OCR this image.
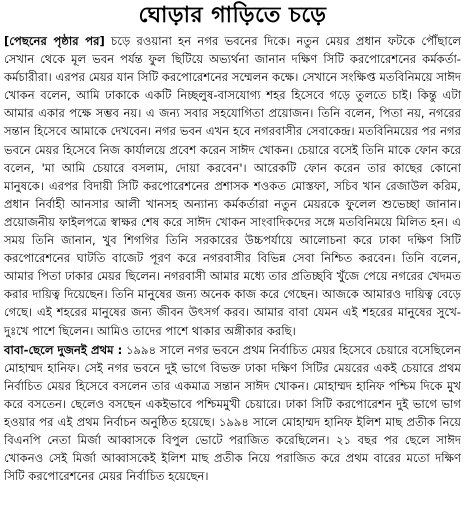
ঘোড়ার গাড়িতে চড়ে

[পেছনের পৃষ্ঠার পর] চড়ে রওয়ানা হন নগর ভবনের দিকে। নতুন মেয়র প্রধান ফটকে পৌঁছালে সেখান থেকে মূল ভবন পর্যন্ত ফুল ছিটিয়ে অভ্যর্থনা জানান দক্ষিণ সিটি করপোরেশনের কর্মকর্তা-কর্মচারীরা। এরপর মেয়র যান সিটি করপোরেশনের সম্মেলন কক্ষে। সেখানে সংক্ষিপ্ত মতবিনিময়ে সাঈদ খোকন বলেন, আমি ঢাকাকে একটি নিচ্ছলুষ-বাসযোগ্য শহর হিসেবে গড়ে তুলতে চাই। কিন্তু এটা আমার একার পক্ষে সম্ভব নয়। এ জন্য সবার সহযোগিতা প্রয়োজন। তিনি বলেন, পিতা নয়, নগরের সন্তান হিসেবে আমাকে দেখবেন। নগর ভবন এখন হবে নগরবাসীর সেবাকেন্দ্র। মতবিনিময়ের পর নগর ভবনে মেয়র হিসেবে নিজ কার্যালয়ে প্রবেশ করেন সাঈদ খোকন। চেয়ারে বসেই তিনি মাকে ফোন করে বলেন, 'মা আমি চেয়ারে বসলাম, দোয়া করবেন'। আরেকটি ফোন করেন তার কাছের কোনো মানুষকে। এরপর বিদায়ী সিটি করপোরেশনের প্রশাসক শওকত মোস্তফা, সচিব খান রেজাউল করিম, প্রধান নির্বাহী আনসার আলী খানসহ অন্যান্য কর্মকর্তারা নতুন মেয়রকে ফুলেল শুভেচ্ছা জানান। প্রয়োজনীয় ফাইলপত্রে স্বাক্ষর শেষ করে সাঈদ খোকন সাংবাদিকদের সঙ্গে মতবিনিময়ে মিলিত হন। এ সময় তিনি জানান, খুব শিগগির তিনি সরকারের উচ্চপর্যায়ে আলোচনা করে ঢাকা দক্ষিণ সিটি করপোরেশনের ঘাটতি বাজেট পূরণ করে নগরবাসীর বিভিন্ন সেবা নিশ্চিত করবেন। তিনি বলেন, আমার পিতা ঢাকার মেয়র ছিলেন। নগরবাসী আমার মধ্যে তার প্রতিচ্ছবি খুঁজে পেয়ে নগরের খেদমত করার দায়িত্ব দিয়েছেন। তিনি মানুষের জন্য অনেক কাজ করে গেছেন। আজকে আমারও দায়িত্ব বেড়ে গেছে। এই শহরের মানুষের জন্য জীবন উৎসর্গ করব। আমার বাবা যেমন এই শহরের মানুষের সুখে-দুঃখে পাশে ছিলেন। আমিও তাদের পাশে থাকার অঙ্গীকার করছি।

বাবা-ছেলে দুজনই প্রথম : ১৯৯৪ সালে নগর ভবনে প্রথম নির্বাচিত মেয়র হিসেবে চেয়ারে বসেছিলেন মোহাম্মদ হানিফ। সেই নগর ভবনে দুই ভাগে বিভক্ত ঢাকা দক্ষিণ সিটির মেয়রের একই চেয়ারে প্রথম নির্বাচিত মেয়র হিসেবে বসলেন তার একমাত্র সন্তান সাঈদ খোকন। মোহাম্মদ হানিফ পশ্চিম দিকে মুখ করে বসতেন। ছেলেও বসছেন একইভাবে পশ্চিমমুখী চেয়ারে। ঢাকা সিটি করপোরেশন দুই ভাগে ভাগ হওয়ার পর এই প্রথম নির্বাচন অনুষ্ঠিত হয়েছে। ১৯৯৪ সালে মোহাম্মদ হানিফ ইলিশ মাছ প্রতীক নিয়ে বিএনপি নেতা মির্জা আব্বাসকে বিপুল ভোটে পরাজিত করেছিলেন। ২১ বছর পর ছেলে সাঈদ খোকনও সেই মির্জা আব্বাসকেই ইলিশ মাছ প্রতীক নিয়ে পরাজিত করে প্রথম বারের মতো দক্ষিণ সিটি করপোরেশনের মেয়র নির্বাচিত হয়েছেন।
